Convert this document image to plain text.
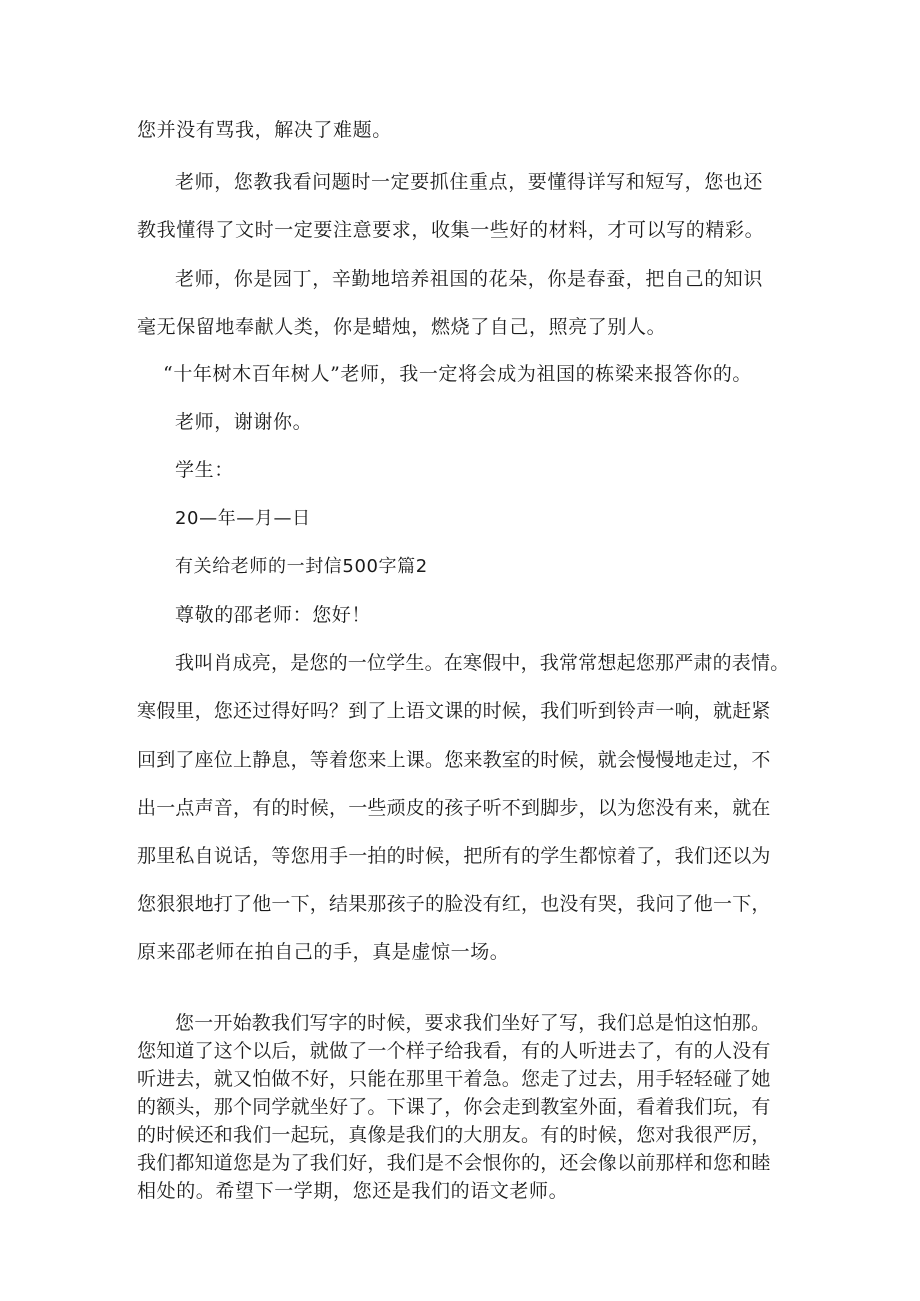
您并没有骂我，解决了难题。
老师，您教我看问题时一定要抓住重点，要懂得详写和短写，您也还
教我懂得了文时一定要注意要求，收集一些好的材料，才可以写的精彩。
老师，你是园丁，辛勤地培养祖国的花朵，你是春蚕，把自己的知识
毫无保留地奉献人类，你是蜡烛，燃烧了自己，照亮了别人。
“十年树木百年树人”老师，我一定将会成为祖国的栋梁来报答你的。
老师，谢谢你。
学生：
20—年—月—日
有关给老师的一封信500字篇2
尊敬的邵老师：您好！
我叫肖成亮，是您的一位学生。在寒假中，我常常想起您那严肃的表情。
寒假里，您还过得好吗？到了上语文课的时候，我们听到铃声一响，就赶紧
回到了座位上静息，等着您来上课。您来教室的时候，就会慢慢地走过，不
出一点声音，有的时候，一些顽皮的孩子听不到脚步，以为您没有来，就在
那里私自说话，等您用手一拍的时候，把所有的学生都惊着了，我们还以为
您狠狠地打了他一下，结果那孩子的脸没有红，也没有哭，我问了他一下，
原来邵老师在拍自己的手，真是虚惊一场。
您一开始教我们写字的时候，要求我们坐好了写，我们总是怕这怕那。
您知道了这个以后，就做了一个样子给我看，有的人听进去了，有的人没有
听进去，就又怕做不好，只能在那里干着急。您走了过去，用手轻轻碰了她
的额头，那个同学就坐好了。下课了，你会走到教室外面，看着我们玩，有
的时候还和我们一起玩，真像是我们的大朋友。有的时候，您对我很严厉，
我们都知道您是为了我们好，我们是不会恨你的，还会像以前那样和您和睦
相处的。希望下一学期，您还是我们的语文老师。
